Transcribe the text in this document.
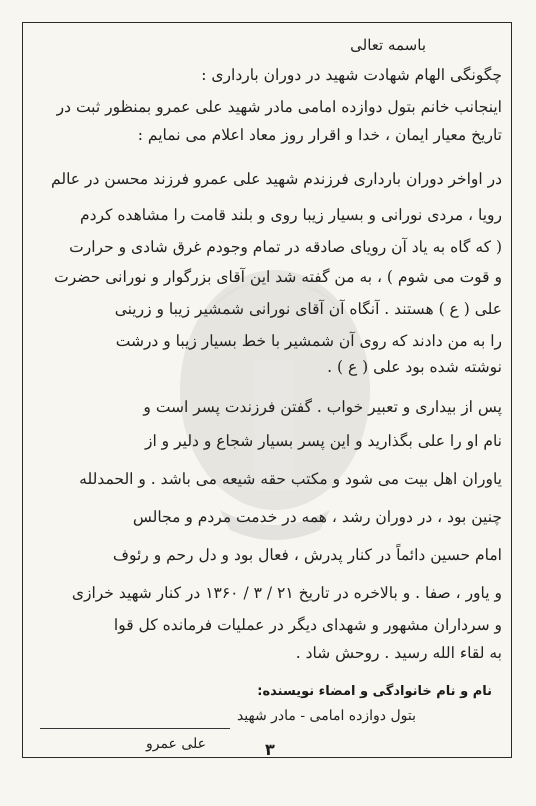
باسمه تعالی
چگونگی الهام شهادت شهید در دوران بارداری :
اینجانب خانم بتول دوازده امامی مادر شهید علی عمرو بمنظور ثبت در
تاریخ معیار ایمان ، خدا و اقرار روز معاد اعلام می نمایم :
در اواخر دوران بارداری فرزندم شهید علی عمرو فرزند محسن در عالم
رویا ، مردی نورانی و بسیار زیبا روی و بلند قامت را مشاهده کردم
( که گاه به یاد آن رویای صادقه در تمام وجودم غرق شادی و حرارت
و قوت می شوم ) ، به من گفته شد این آقای بزرگوار و نورانی حضرت
علی ( ع ) هستند . آنگاه آن آقای نورانی شمشیر زیبا و زرینی
را به من دادند که روی آن شمشیر با خط بسیار زیبا و درشت
نوشته شده بود علی ( ع ) .
پس از بیداری و تعبیر خواب . گفتن فرزندت پسر است و
نام او را علی بگذارید و این پسر بسیار شجاع و دلیر و از
یاوران اهل بیت می شود و مکتب حقه شیعه می باشد . و الحمدلله
چنین بود ، در دوران رشد ، همه در خدمت مردم و مجالس
امام حسین دائماً در کنار پدرش ، فعال بود و دل رحم و رئوف
و یاور ، صفا . و بالاخره در تاریخ ۲۱ / ۳ / ۱۳۶۰ در کنار شهید خرازی
و سرداران مشهور و شهدای دیگر در عملیات فرمانده کل قوا
به لقاء الله رسید . روحش شاد .
نام و نام خانوادگی و امضاء نویسنده:
بتول دوازده امامی - مادر شهید
علی عمرو	۳
